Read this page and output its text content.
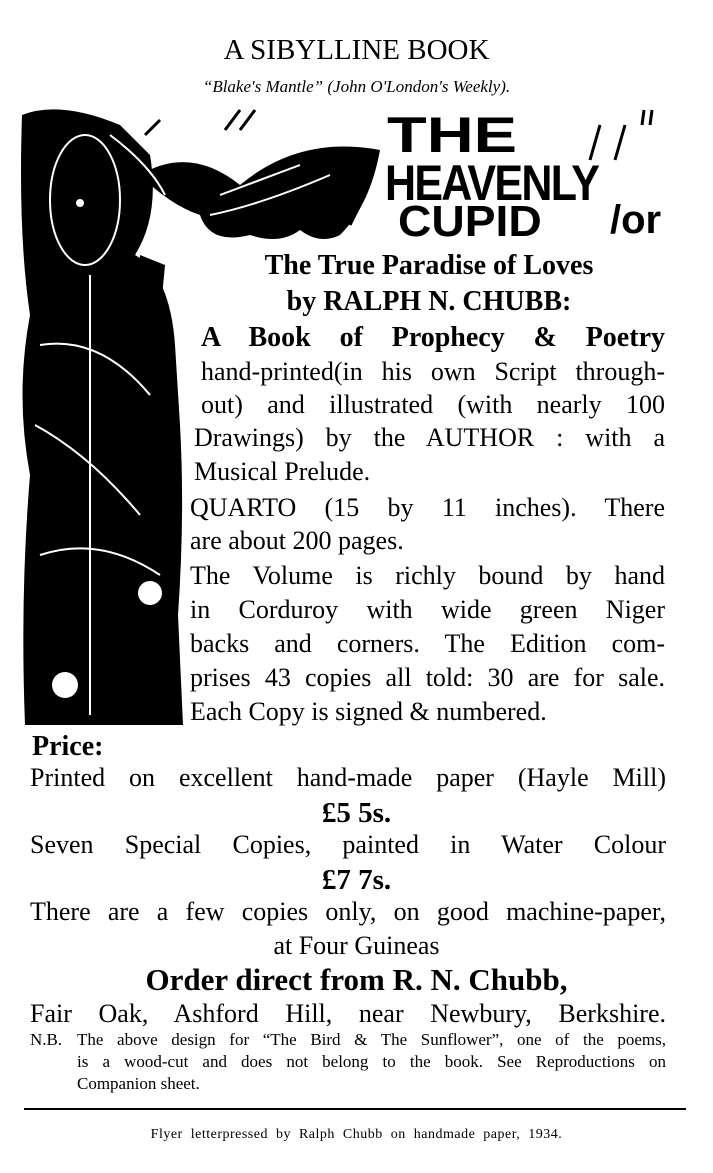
A SIBYLLINE BOOK
“Blake's Mantle” (John O'London's Weekly).
THE
HEAVENLY
CUPID /or
The True Paradise of Loves
by RALPH N. CHUBB:
A Book of Prophecy & Poetry
hand-printed(in his own Script through-
out) and illustrated (with nearly 100
Drawings) by the AUTHOR : with a
Musical Prelude.
QUARTO (15 by 11 inches). There
are about 200 pages.
The Volume is richly bound by hand
in Corduroy with wide green Niger
backs and corners. The Edition com-
prises 43 copies all told: 30 are for sale.
Each Copy is signed & numbered.
Price:
Printed on excellent hand-made paper (Hayle Mill)
£5 5s.
Seven Special Copies, painted in Water Colour
£7 7s.
There are a few copies only, on good machine-paper,
at Four Guineas
Order direct from R. N. Chubb,
Fair Oak, Ashford Hill, near Newbury, Berkshire.
N.B. The above design for “The Bird & The Sunflower”, one of the poems,
is a wood-cut and does not belong to the book. See Reproductions on
Companion sheet.
Flyer letterpressed by Ralph Chubb on handmade paper, 1934.
